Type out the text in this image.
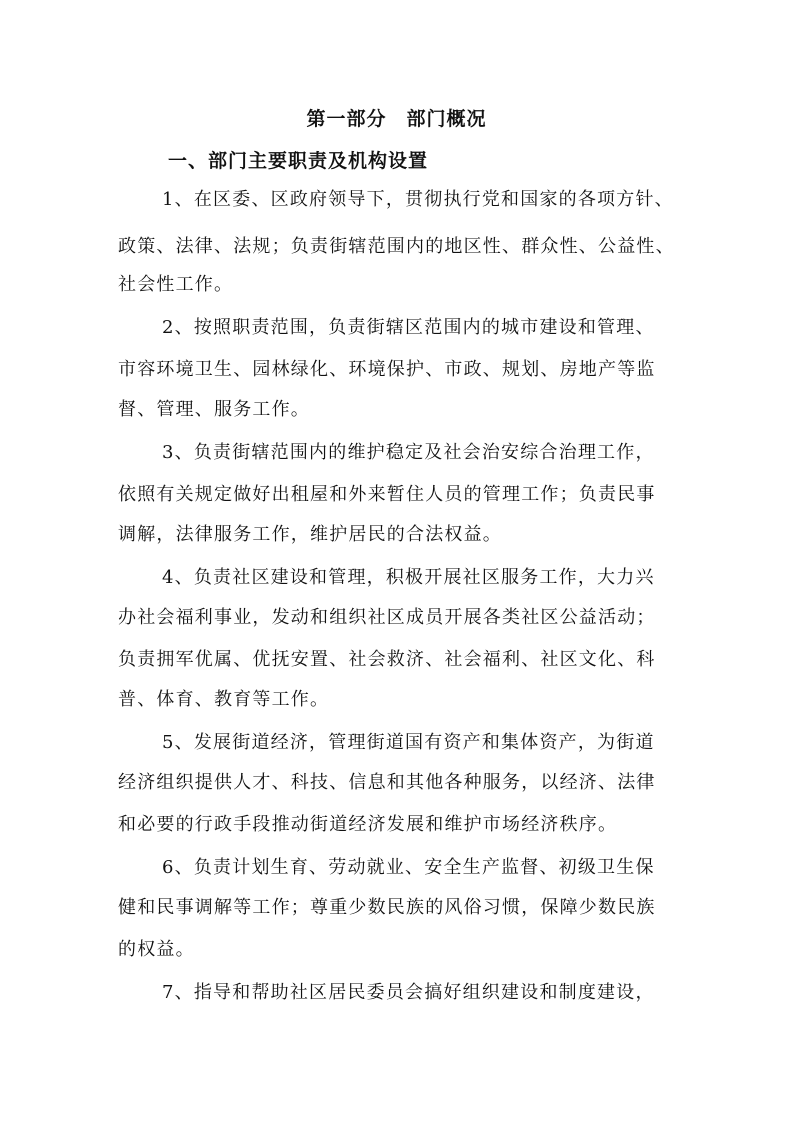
第一部分　部门概况
一、部门主要职责及机构设置
1、在区委、区政府领导下，贯彻执行党和国家的各项方针、
政策、法律、法规；负责街辖范围内的地区性、群众性、公益性、
社会性工作。
2、按照职责范围，负责街辖区范围内的城市建设和管理、
市容环境卫生、园林绿化、环境保护、市政、规划、房地产等监
督、管理、服务工作。
3、负责街辖范围内的维护稳定及社会治安综合治理工作，
依照有关规定做好出租屋和外来暂住人员的管理工作；负责民事
调解，法律服务工作，维护居民的合法权益。
4、负责社区建设和管理，积极开展社区服务工作，大力兴
办社会福利事业，发动和组织社区成员开展各类社区公益活动；
负责拥军优属、优抚安置、社会救济、社会福利、社区文化、科
普、体育、教育等工作。
5、发展街道经济，管理街道国有资产和集体资产，为街道
经济组织提供人才、科技、信息和其他各种服务，以经济、法律
和必要的行政手段推动街道经济发展和维护市场经济秩序。
6、负责计划生育、劳动就业、安全生产监督、初级卫生保
健和民事调解等工作；尊重少数民族的风俗习惯，保障少数民族
的权益。
7、指导和帮助社区居民委员会搞好组织建设和制度建设，
